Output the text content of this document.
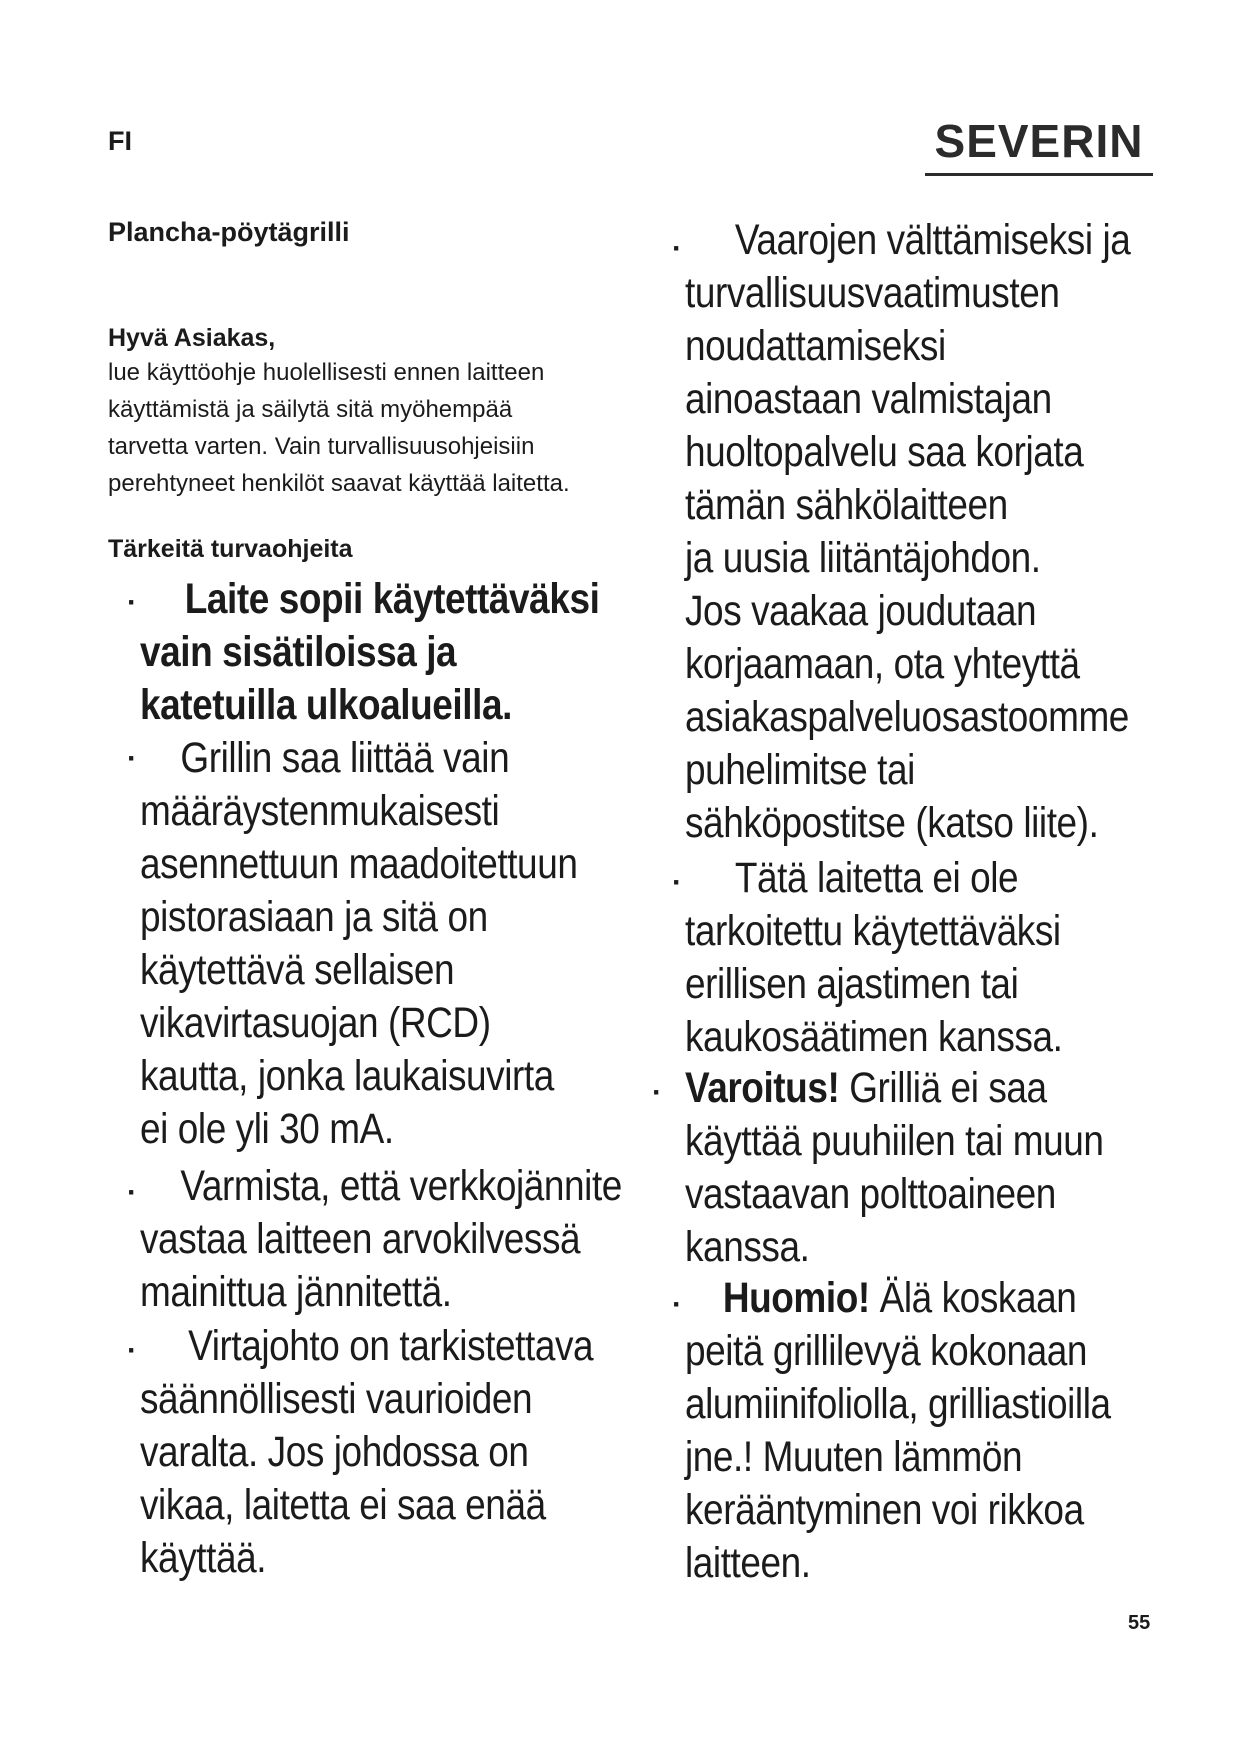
FI	SEVERIN
Plancha-pöytägrilli
Hyvä Asiakas,
lue käyttöohje huolellisesti ennen laitteen
käyttämistä ja säilytä sitä myöhempää
tarvetta varten. Vain turvallisuusohjeisiin
perehtyneet henkilöt saavat käyttää laitetta.
Tärkeitä turvaohjeita
·	Laite sopii käytettäväksi
vain sisätiloissa ja
katetuilla ulkoalueilla.
·	Grillin saa liittää vain
määräystenmukaisesti
asennettuun maadoitettuun
pistorasiaan ja sitä on
käytettävä sellaisen
vikavirtasuojan (RCD)
kautta, jonka laukaisuvirta
ei ole yli 30 mA.
·	Varmista, että verkkojännite
vastaa laitteen arvokilvessä
mainittua jännitettä.
·	Virtajohto on tarkistettava
säännöllisesti vaurioiden
varalta. Jos johdossa on
vikaa, laitetta ei saa enää
käyttää.
·	Vaarojen välttämiseksi ja
turvallisuusvaatimusten
noudattamiseksi
ainoastaan valmistajan
huoltopalvelu saa korjata
tämän sähkölaitteen
ja uusia liitäntäjohdon.
Jos vaakaa joudutaan
korjaamaan, ota yhteyttä
asiakaspalveluosastoomme
puhelimitse tai
sähköpostitse (katso liite).
·	Tätä laitetta ei ole
tarkoitettu käytettäväksi
erillisen ajastimen tai
kaukosäätimen kanssa.
· Varoitus! Grilliä ei saa
käyttää puuhiilen tai muun
vastaavan polttoaineen
kanssa.
· Huomio! Älä koskaan
peitä grillilevyä kokonaan
alumiinifoliolla, grilliastioilla
jne.! Muuten lämmön
kerääntyminen voi rikkoa
laitteen.
55
